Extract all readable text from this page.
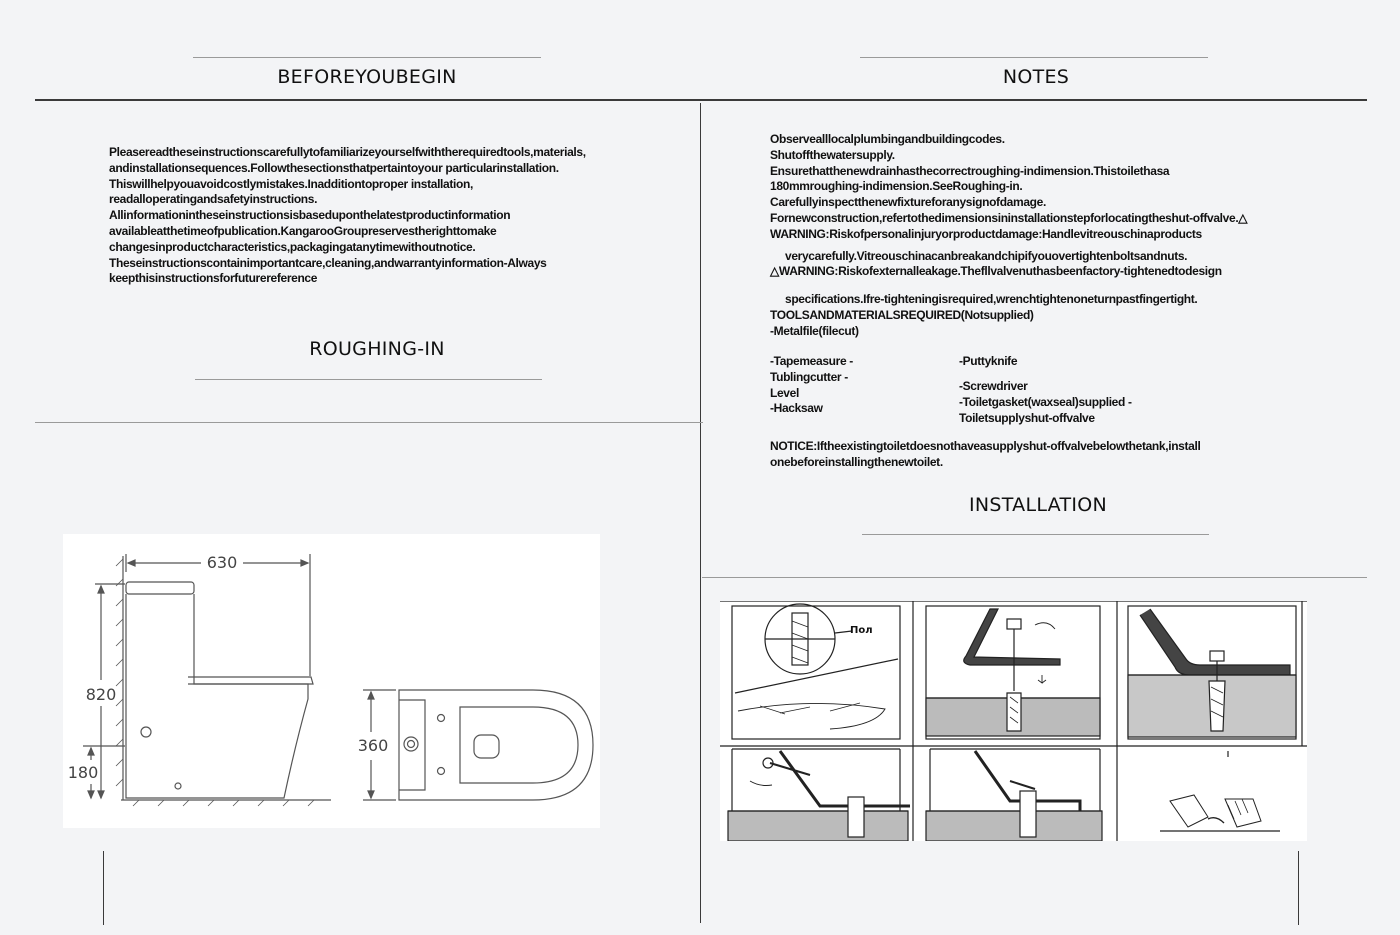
BEFOREYOUBEGIN	NOTES
ROUGHING-IN
INSTALLATION
Pleasereadtheseinstructionscarefullytofamiliarizeyourselfwiththerequiredtools,materials,
andinstallationsequences.Followthesectionsthatpertaintoyour particularinstallation.
Thiswillhelpyouavoidcostlymistakes.Inadditiontoproper installation,
readalloperatingandsafetyinstructions.
Allinformationintheseinstructionsisbaseduponthelatestproductinformation
availableatthetimeofpublication.KangarooGroupreservestherighttomake
changesinproductcharacteristics,packagingatanytimewithoutnotice.
Theseinstructionscontainimportantcare,cleaning,andwarrantyinformation-Always
keepthisinstructionsforfuturereference
Observealllocalplumbingandbuildingcodes.
Shutoffthewatersupply.
Ensurethatthenewdrainhasthecorrectroughing-indimension.Thistoilethasa
180mmroughing-indimension.SeeRoughing-in.
Carefullyinspectthenewfixtureforanysignofdamage.
Fornewconstruction,refertothedimensionsininstallationstepforlocatingtheshut-offvalve.△
WARNING:Riskofpersonalinjuryorproductdamage:Handlevitreouschinaproducts
verycarefully.Vitreouschinacanbreakandchipifyouovertightenboltsandnuts.
△WARNING:Riskofexternalleakage.Thefllvalvenuthasbeenfactory-tightenedtodesign
specifications.Ifre-tighteningisrequired,wrenchtightenoneturnpastfingertight.
TOOLSANDMATERIALSREQUIRED(Notsupplied)
-Metalfile(filecut)
-Tapemeasure -
Tublingcutter -
Level
-Hacksaw
-Puttyknife
-Screwdriver
-Toiletgasket(waxseal)supplied -
Toiletsupplyshut-offvalve
NOTICE:Iftheexistingtoiletdoesnothaveasupplyshut-offvalvebelowthetank,install
onebeforeinstallingthenewtoilet.
630
820
180
360
Пол
